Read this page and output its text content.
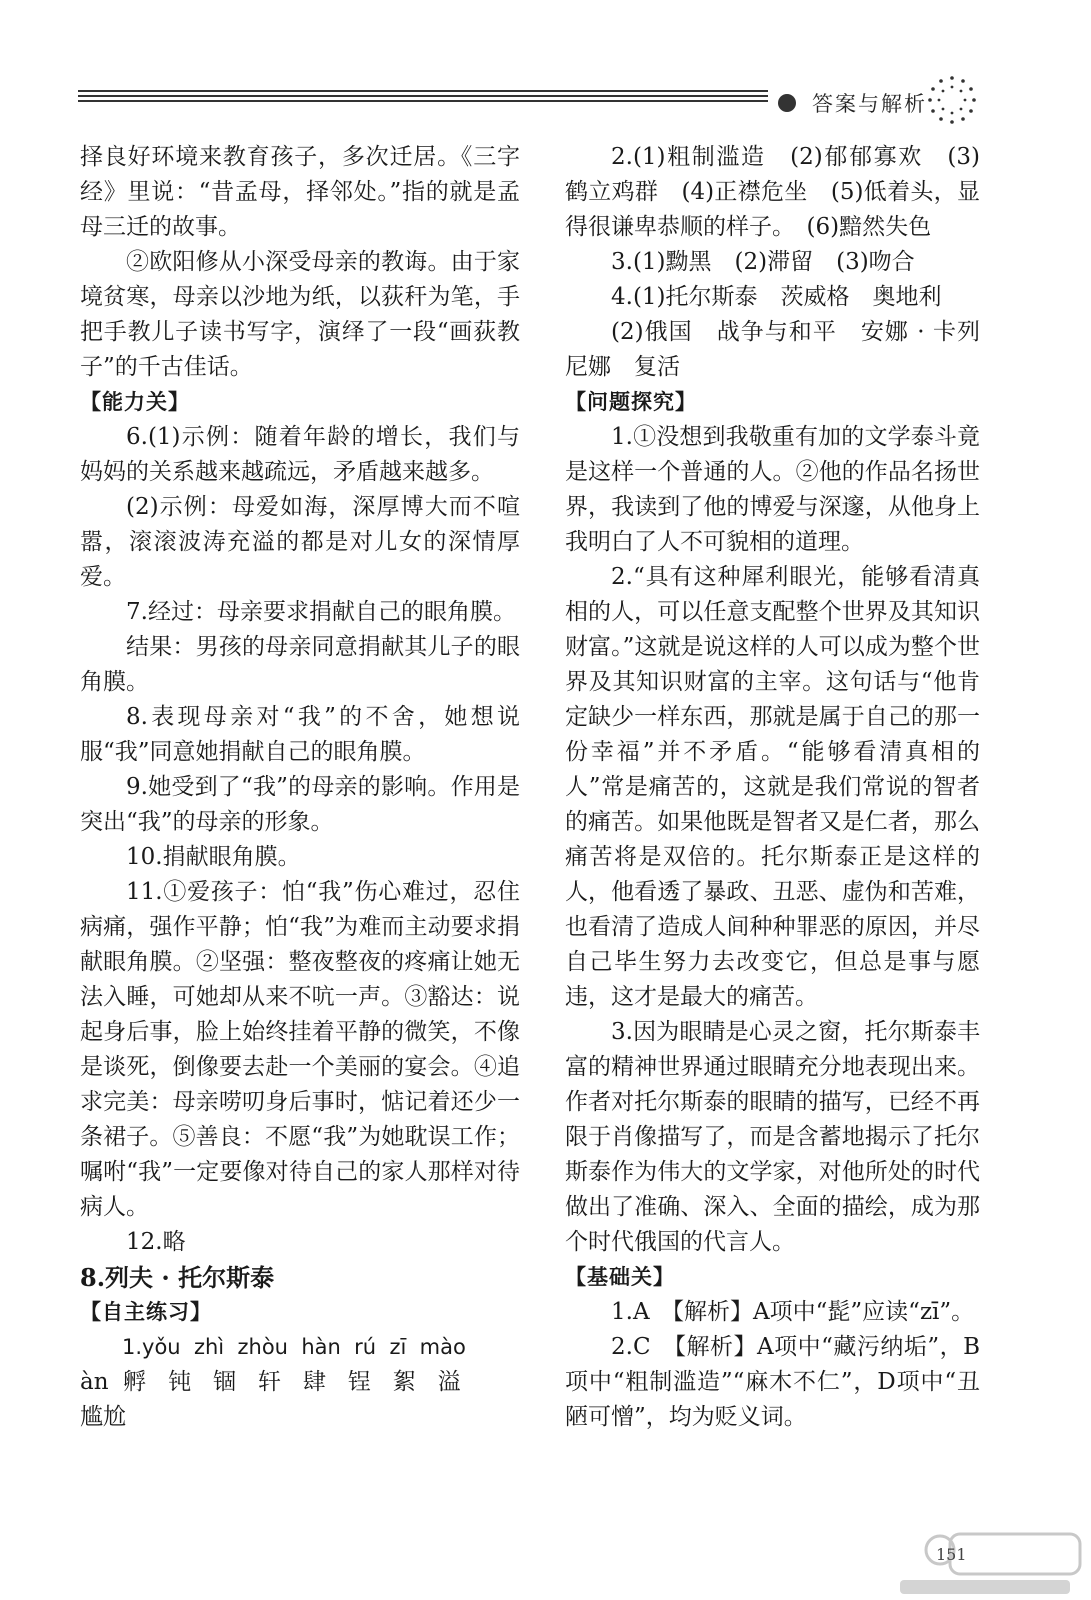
答案与解析

择良好环境来教育孩子，多次迁居。《三字经》里说：“昔孟母，择邻处。”指的就是孟母三迁的故事。

②欧阳修从小深受母亲的教诲。由于家境贫寒，母亲以沙地为纸，以荻秆为笔，手把手教儿子读书写字，演绎了一段“画荻教子”的千古佳话。

【能力关】

6.(1)示例：随着年龄的增长，我们与妈妈的关系越来越疏远，矛盾越来越多。

(2)示例：母爱如海，深厚博大而不喧嚣，滚滚波涛充溢的都是对儿女的深情厚爱。

7.经过：母亲要求捐献自己的眼角膜。

结果：男孩的母亲同意捐献其儿子的眼角膜。

8.表现母亲对“我”的不舍，她想说服“我”同意她捐献自己的眼角膜。

9.她受到了“我”的母亲的影响。作用是突出“我”的母亲的形象。

10.捐献眼角膜。

11.①爱孩子：怕“我”伤心难过，忍住病痛，强作平静；怕“我”为难而主动要求捐献眼角膜。②坚强：整夜整夜的疼痛让她无法入睡，可她却从来不吭一声。③豁达：说起身后事，脸上始终挂着平静的微笑，不像是谈死，倒像要去赴一个美丽的宴会。④追求完美：母亲唠叨身后事时，惦记着还少一条裙子。⑤善良：不愿“我”为她耽误工作；嘱咐“我”一定要像对待自己的家人那样对待病人。

12.略

8.列夫 · 托尔斯泰

【自主练习】

1.yǒu  zhì  zhòu  hàn  rú  zī  mào

àn  孵   钝   锢   轩   肆   锃   絮   溢

尴尬

2.(1)粗制滥造　(2)郁郁寡欢　(3)鹤立鸡群　(4)正襟危坐　(5)低着头，显得很谦卑恭顺的样子。　(6)黯然失色

3.(1)黝黑　(2)滞留　(3)吻合

4.(1)托尔斯泰　茨威格　奥地利

(2)俄国　战争与和平　安娜 · 卡列尼娜　复活

【问题探究】

1.①没想到我敬重有加的文学泰斗竟是这样一个普通的人。②他的作品名扬世界，我读到了他的博爱与深邃，从他身上我明白了人不可貌相的道理。

2.“具有这种犀利眼光，能够看清真相的人，可以任意支配整个世界及其知识财富。”这就是说这样的人可以成为整个世界及其知识财富的主宰。这句话与“他肯定缺少一样东西，那就是属于自己的那一份幸福”并不矛盾。“能够看清真相的人”常是痛苦的，这就是我们常说的智者的痛苦。如果他既是智者又是仁者，那么痛苦将是双倍的。托尔斯泰正是这样的人，他看透了暴政、丑恶、虚伪和苦难，也看清了造成人间种种罪恶的原因，并尽自己毕生努力去改变它，但总是事与愿违，这才是最大的痛苦。

3.因为眼睛是心灵之窗，托尔斯泰丰富的精神世界通过眼睛充分地表现出来。作者对托尔斯泰的眼睛的描写，已经不再限于肖像描写了，而是含蓄地揭示了托尔斯泰作为伟大的文学家，对他所处的时代做出了准确、深入、全面的描绘，成为那个时代俄国的代言人。

【基础关】

1.A　【解析】A项中“髭”应读“zī”。

2.C　【解析】A项中“藏污纳垢”，B项中“粗制滥造”“麻木不仁”，D项中“丑陋可憎”，均为贬义词。

151
